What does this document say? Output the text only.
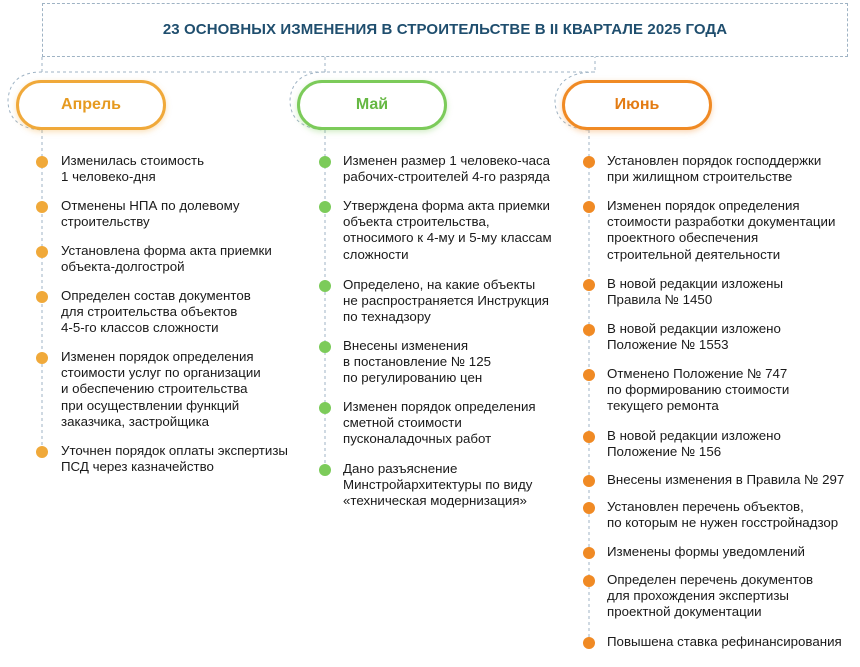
23 ОСНОВНЫХ ИЗМЕНЕНИЯ В СТРОИТЕЛЬСТВЕ В II КВАРТАЛЕ 2025 ГОДА
Апрель	Май	Июнь
Изменилась стоимость
1 человеко-дня
Отменены НПА по долевому
строительству
Установлена форма акта приемки
объекта-долгострой
Определен состав документов
для строительства объектов
4-5-го классов сложности
Изменен порядок определения
стоимости услуг по организации
и обеспечению строительства
при осуществлении функций
заказчика, застройщика
Уточнен порядок оплаты экспертизы
ПСД через казначейство
Изменен размер 1 человеко-часа
рабочих-строителей 4-го разряда
Утверждена форма акта приемки
объекта строительства,
относимого к 4-му и 5-му классам
сложности
Определено, на какие объекты
не распространяется Инструкция
по технадзору
Внесены изменения
в постановление № 125
по регулированию цен
Изменен порядок определения
сметной стоимости
пусконаладочных работ
Дано разъяснение
Минстройархитектуры по виду
«техническая модернизация»
Установлен порядок господдержки
при жилищном строительстве
Изменен порядок определения
стоимости разработки документации
проектного обеспечения
строительной деятельности
В новой редакции изложены
Правила № 1450
В новой редакции изложено
Положение № 1553
Отменено Положение № 747
по формированию стоимости
текущего ремонта
В новой редакции изложено
Положение № 156
Внесены изменения в Правила № 297
Установлен перечень объектов,
по которым не нужен госстройнадзор
Изменены формы уведомлений
Определен перечень документов
для прохождения экспертизы
проектной документации
Повышена ставка рефинансирования
